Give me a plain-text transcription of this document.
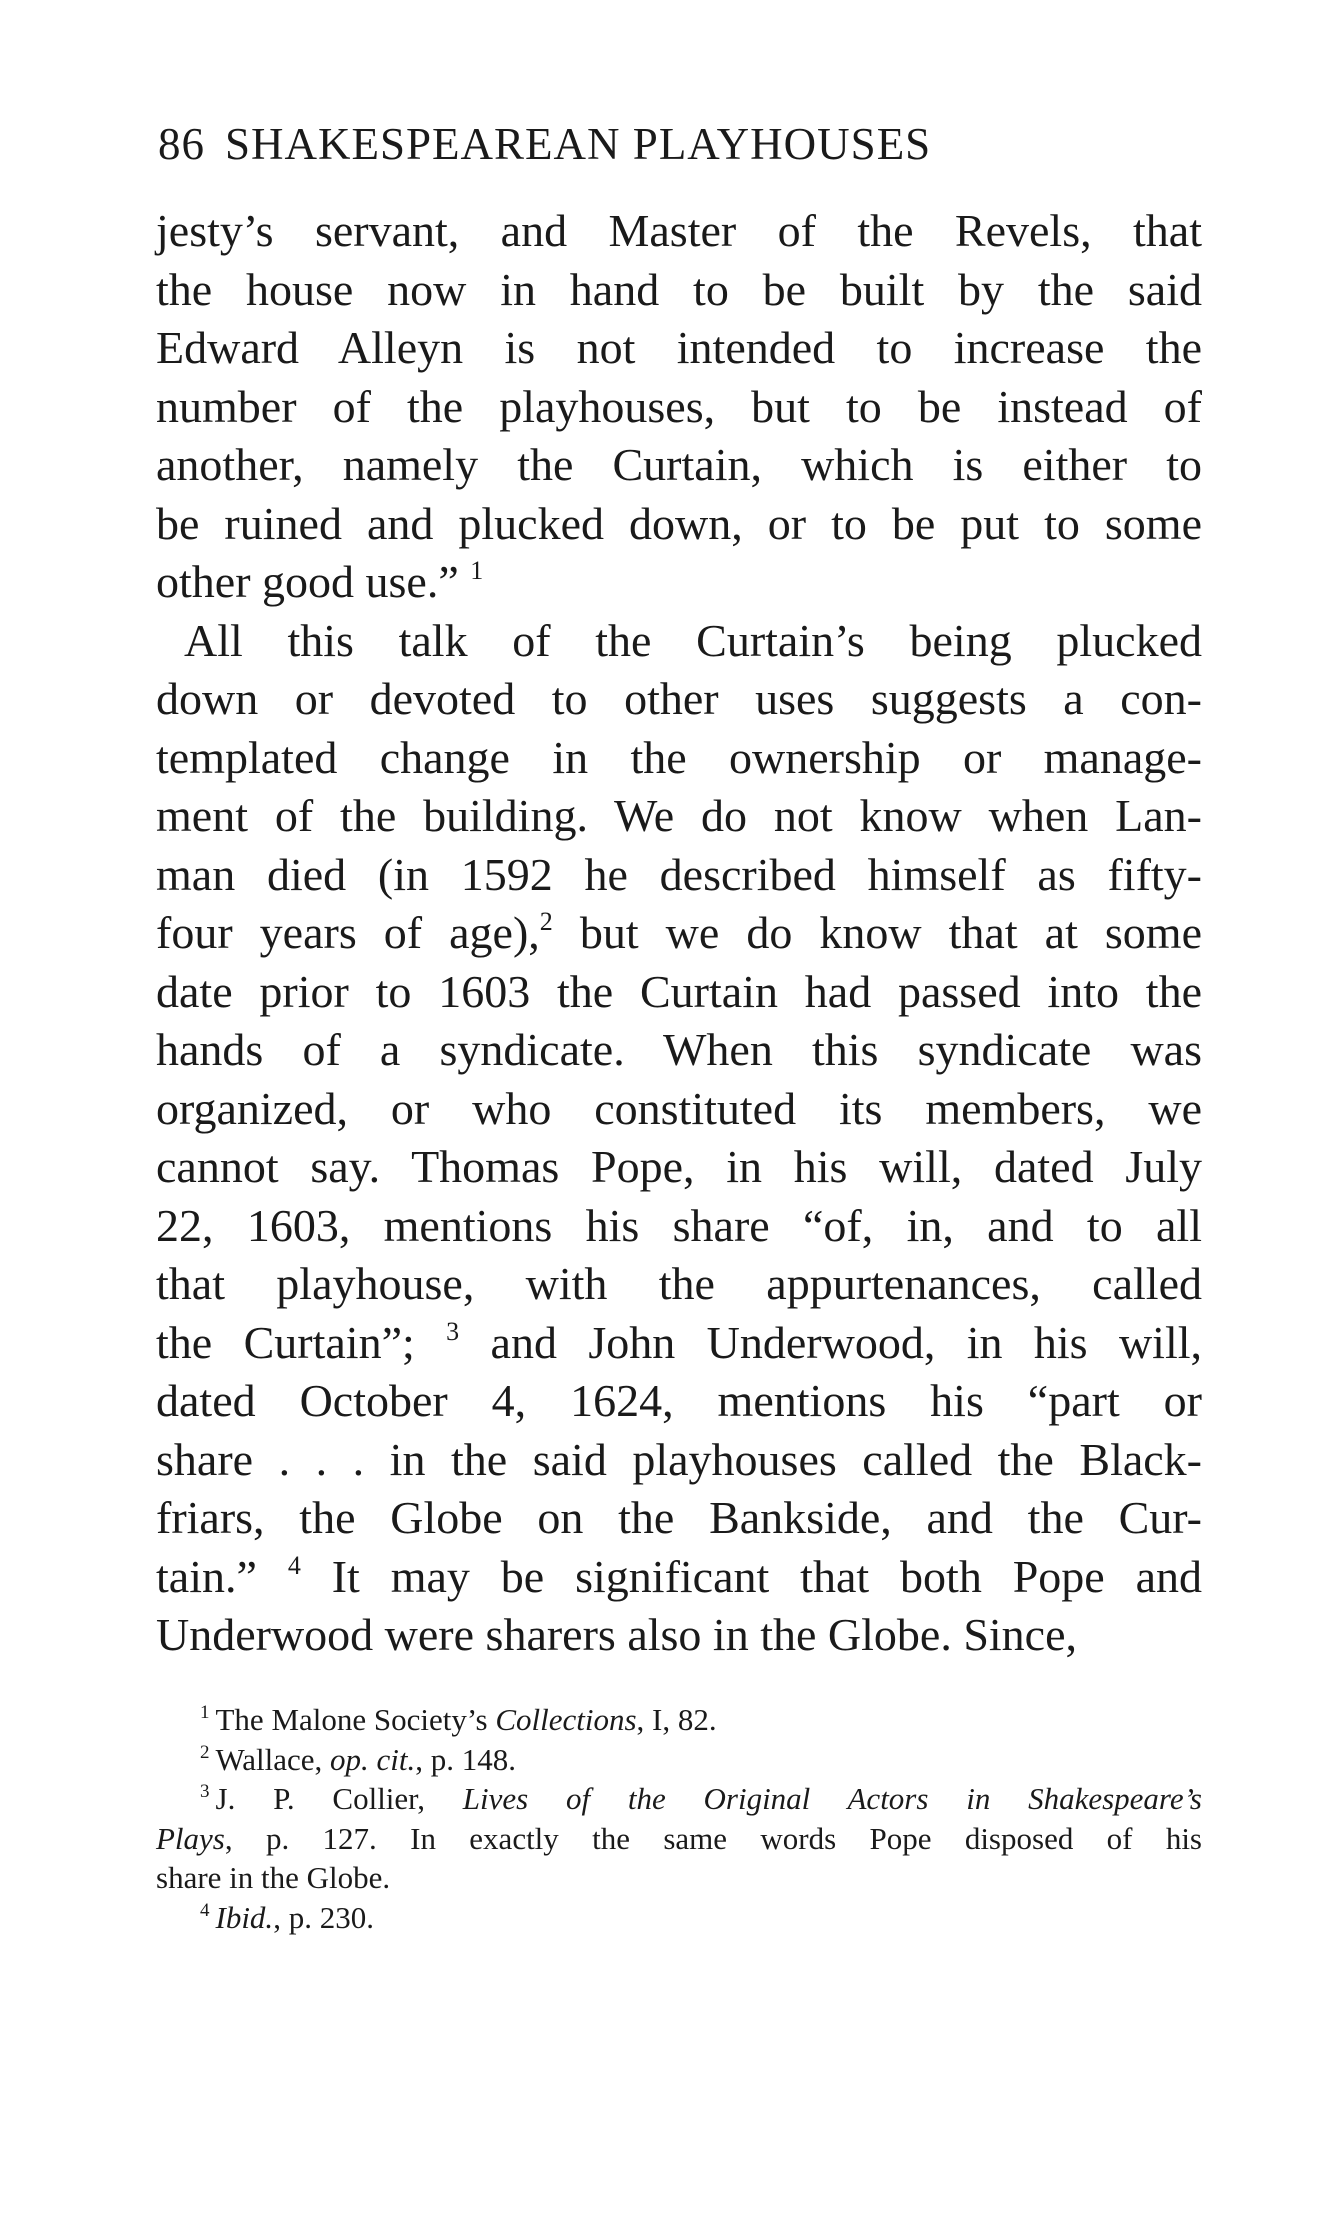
86 SHAKESPEAREAN PLAYHOUSES
jesty’s servant, and Master of the Revels, that
the house now in hand to be built by the said
Edward Alleyn is not intended to increase the
number of the playhouses, but to be instead of
another, namely the Curtain, which is either to
be ruined and plucked down, or to be put to some
other good use.” $^1$
All this talk of the Curtain’s being plucked
down or devoted to other uses suggests a con-
templated change in the ownership or manage-
ment of the building. We do not know when Lan-
man died (in 1592 he described himself as fifty-
four years of age),$^2$ but we do know that at some
date prior to 1603 the Curtain had passed into the
hands of a syndicate. When this syndicate was
organized, or who constituted its members, we
cannot say. Thomas Pope, in his will, dated July
22, 1603, mentions his share “of, in, and to all
that playhouse, with the appurtenances, called
the Curtain”; $^3$ and John Underwood, in his will,
dated October 4, 1624, mentions his “part or
share . . . in the said playhouses called the Black-
friars, the Globe on the Bankside, and the Cur-
tain.” $^4$ It may be significant that both Pope and
Underwood were sharers also in the Globe. Since,
$^1$ The Malone Society’s Collections, I, 82.
$^2$ Wallace, op. cit., p. 148.
$^3$ J. P. Collier, Lives of the Original Actors in Shakespeare’s
Plays, p. 127. In exactly the same words Pope disposed of his
share in the Globe.
$^4$ Ibid., p. 230.
